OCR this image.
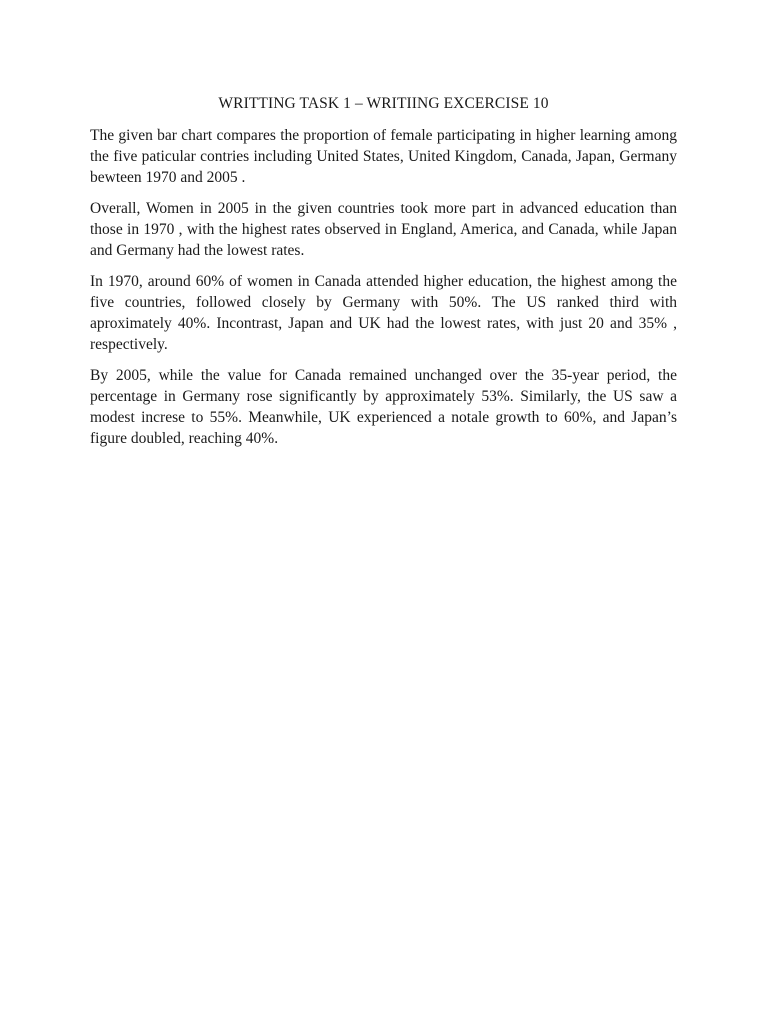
WRITTING TASK 1 – WRITIING EXCERCISE 10

The given bar chart compares the proportion of female participating in higher learning among the five paticular contries including United States, United Kingdom, Canada, Japan, Germany bewteen 1970 and 2005 .

Overall, Women in 2005 in the given countries took more part in advanced education than those in 1970 , with the highest rates observed in England, America, and Canada, while Japan and Germany had the lowest rates.

In 1970, around 60% of women in Canada attended higher education, the highest among the five countries, followed closely by Germany with 50%. The US ranked third with aproximately 40%. Incontrast, Japan and UK had the lowest rates, with just 20 and 35% , respectively.

By 2005, while the value for Canada remained unchanged over the 35-year period, the percentage in Germany rose significantly by approximately 53%. Similarly, the US saw a modest increse to 55%. Meanwhile, UK experienced a notale growth to 60%, and Japan’s figure doubled, reaching 40%.
